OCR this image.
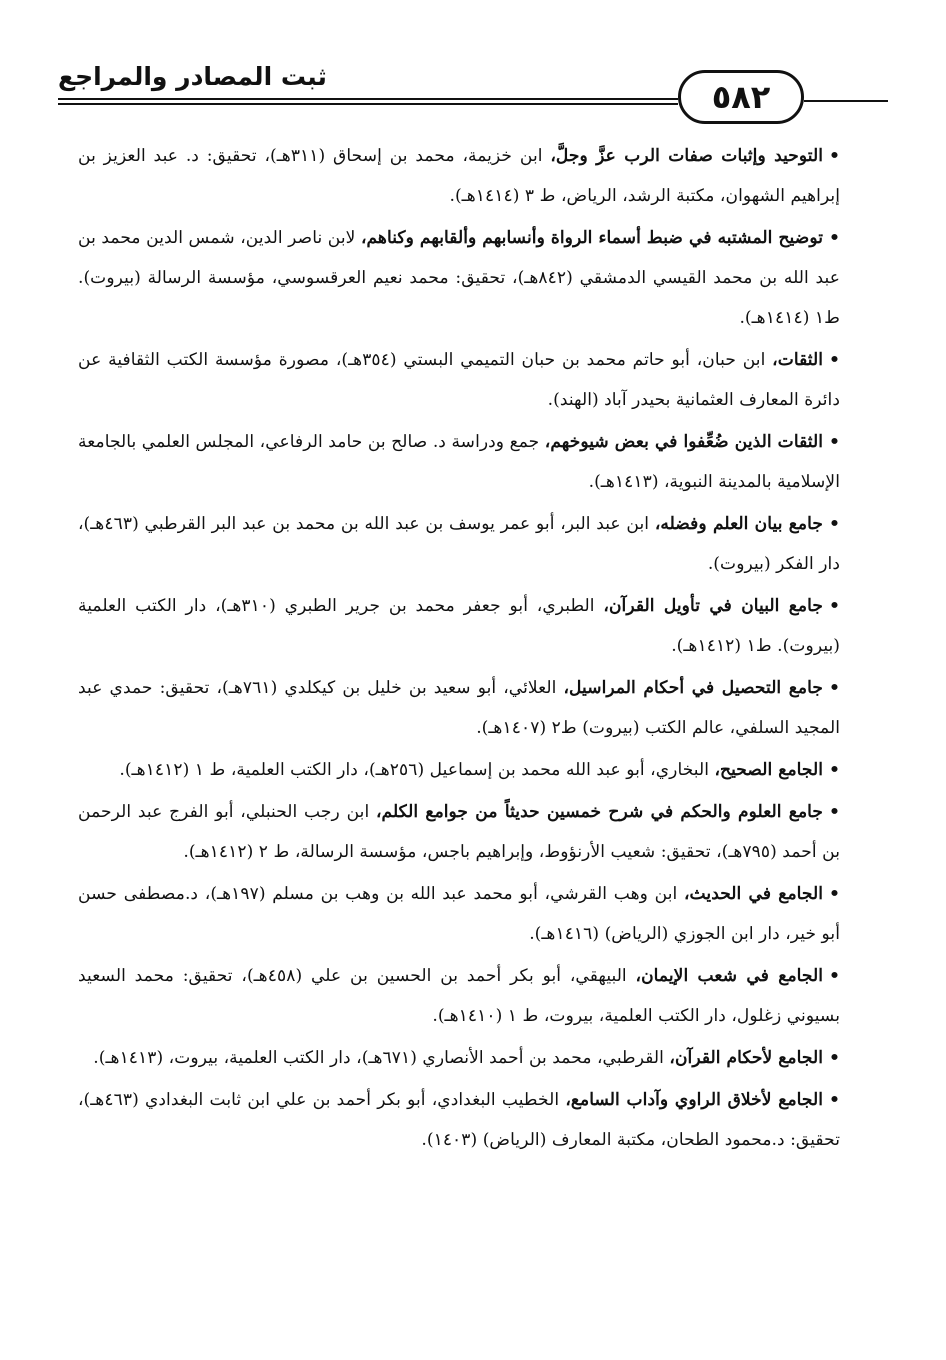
ثبت المصادر والمراجع
٥٨٢

•التوحيد وإثبات صفات الرب عزَّ وجلَّ، ابن خزيمة، محمد بن إسحاق (٣١١هـ)، تحقيق: د. عبد العزيز بن إبراهيم الشهوان، مكتبة الرشد، الرياض، ط ٣ (١٤١٤هـ).

•توضيح المشتبه في ضبط أسماء الرواة وأنسابهم وألقابهم وكناهم، لابن ناصر الدين، شمس الدين محمد بن عبد الله بن محمد القيسي الدمشقي (٨٤٢هـ)، تحقيق: محمد نعيم العرقسوسي، مؤسسة الرسالة (بيروت). ط١ (١٤١٤هـ).

•الثقات، ابن حبان، أبو حاتم محمد بن حبان التميمي البستي (٣٥٤هـ)، مصورة مؤسسة الكتب الثقافية عن دائرة المعارف العثمانية بحيدر آباد (الهند).

•الثقات الذين ضُعِّفوا في بعض شيوخهم، جمع ودراسة د. صالح بن حامد الرفاعي، المجلس العلمي بالجامعة الإسلامية بالمدينة النبوية، (١٤١٣هـ).

•جامع بيان العلم وفضله، ابن عبد البر، أبو عمر يوسف بن عبد الله بن محمد بن عبد البر القرطبي (٤٦٣هـ)، دار الفكر (بيروت).

•جامع البيان في تأويل القرآن، الطبري، أبو جعفر محمد بن جرير الطبري (٣١٠هـ)، دار الكتب العلمية (بيروت). ط١ (١٤١٢هـ).

•جامع التحصيل في أحكام المراسيل، العلائي، أبو سعيد بن خليل بن كيكلدي (٧٦١هـ)، تحقيق: حمدي عبد المجيد السلفي، عالم الكتب (بيروت) ط٢ (١٤٠٧هـ).

•الجامع الصحيح، البخاري، أبو عبد الله محمد بن إسماعيل (٢٥٦هـ)، دار الكتب العلمية، ط ١ (١٤١٢هـ).

•جامع العلوم والحكم في شرح خمسين حديثاً من جوامع الكلم، ابن رجب الحنبلي، أبو الفرج عبد الرحمن بن أحمد (٧٩٥هـ)، تحقيق: شعيب الأرنؤوط، وإبراهيم باجس، مؤسسة الرسالة، ط ٢ (١٤١٢هـ).

•الجامع في الحديث، ابن وهب القرشي، أبو محمد عبد الله بن وهب بن مسلم (١٩٧هـ)، د.مصطفى حسن أبو خير، دار ابن الجوزي (الرياض) (١٤١٦هـ).

•الجامع في شعب الإيمان، البيهقي، أبو بكر أحمد بن الحسين بن علي (٤٥٨هـ)، تحقيق: محمد السعيد بسيوني زغلول، دار الكتب العلمية، بيروت، ط ١ (١٤١٠هـ).

•الجامع لأحكام القرآن، القرطبي، محمد بن أحمد الأنصاري (٦٧١هـ)، دار الكتب العلمية، بيروت، (١٤١٣هـ).

•الجامع لأخلاق الراوي وآداب السامع، الخطيب البغدادي، أبو بكر أحمد بن علي ابن ثابت البغدادي (٤٦٣هـ)، تحقيق: د.محمود الطحان، مكتبة المعارف (الرياض) (١٤٠٣).
